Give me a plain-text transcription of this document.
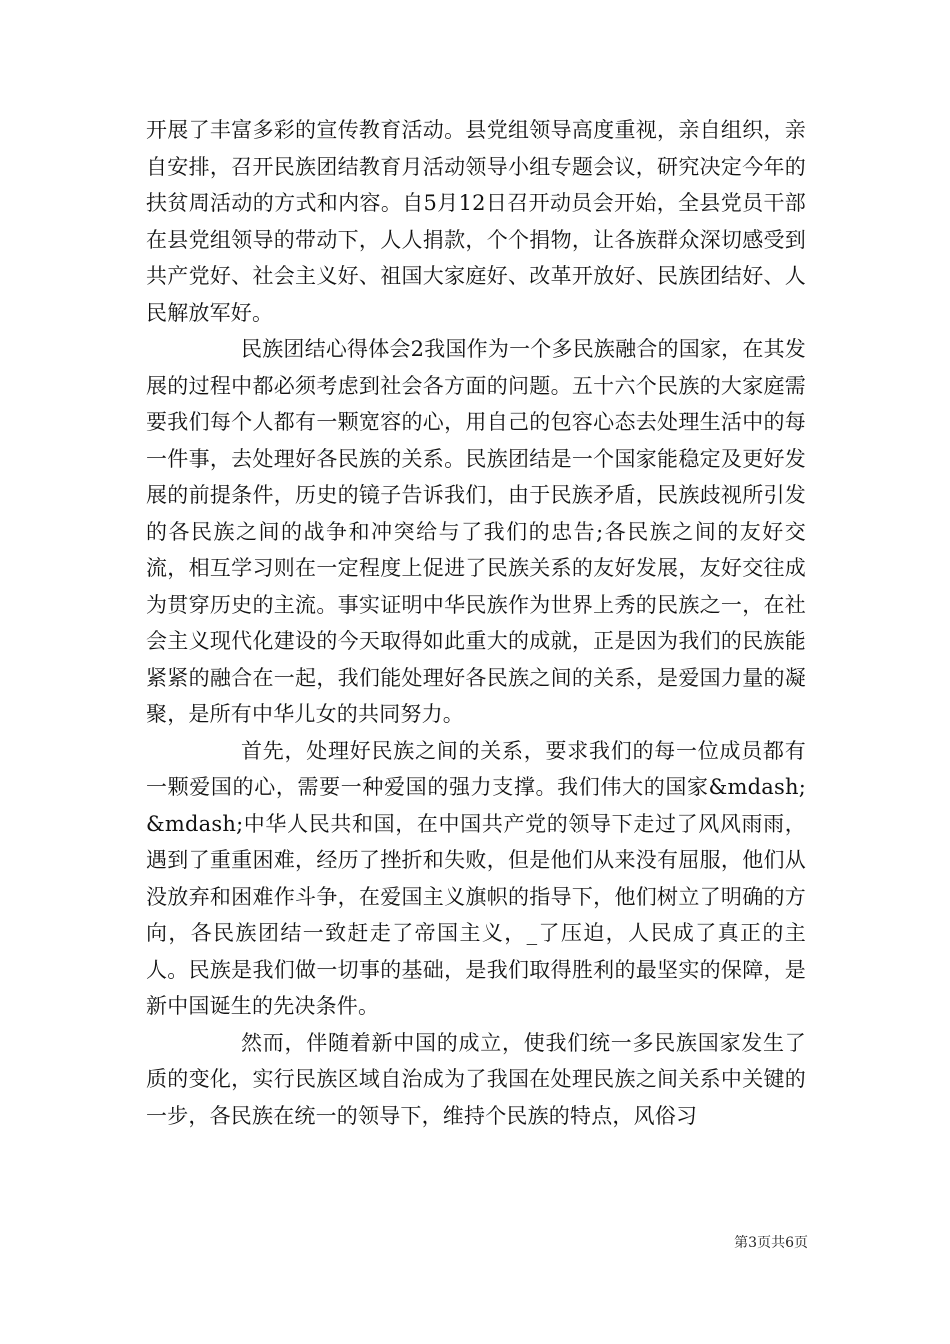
开展了丰富多彩的宣传教育活动。县党组领导高度重视，亲自组织，亲自安排，召开民族团结教育月活动领导小组专题会议，研究决定今年的扶贫周活动的方式和内容。自5月12日召开动员会开始，全县党员干部在县党组领导的带动下，人人捐款，个个捐物，让各族群众深切感受到共产党好、社会主义好、祖国大家庭好、改革开放好、民族团结好、人民解放军好。

民族团结心得体会2我国作为一个多民族融合的国家，在其发展的过程中都必须考虑到社会各方面的问题。五十六个民族的大家庭需要我们每个人都有一颗宽容的心，用自己的包容心态去处理生活中的每一件事，去处理好各民族的关系。民族团结是一个国家能稳定及更好发展的前提条件，历史的镜子告诉我们，由于民族矛盾，民族歧视所引发的各民族之间的战争和冲突给与了我们的忠告;各民族之间的友好交流，相互学习则在一定程度上促进了民族关系的友好发展，友好交往成为贯穿历史的主流。事实证明中华民族作为世界上秀的民族之一，在社会主义现代化建设的今天取得如此重大的成就，正是因为我们的民族能紧紧的融合在一起，我们能处理好各民族之间的关系，是爱国力量的凝聚，是所有中华儿女的共同努力。

首先，处理好民族之间的关系，要求我们的每一位成员都有一颗爱国的心，需要一种爱国的强力支撑。我们伟大的国家&mdash;&mdash;中华人民共和国，在中国共产党的领导下走过了风风雨雨，遇到了重重困难，经历了挫折和失败，但是他们从来没有屈服，他们从没放弃和困难作斗争，在爱国主义旗帜的指导下，他们树立了明确的方向，各民族团结一致赶走了帝国主义，_了压迫，人民成了真正的主人。民族是我们做一切事的基础，是我们取得胜利的最坚实的保障，是新中国诞生的先决条件。

然而，伴随着新中国的成立，使我们统一多民族国家发生了质的变化，实行民族区域自治成为了我国在处理民族之间关系中关键的一步，各民族在统一的领导下，维持个民族的特点，风俗习

第3页共6页
